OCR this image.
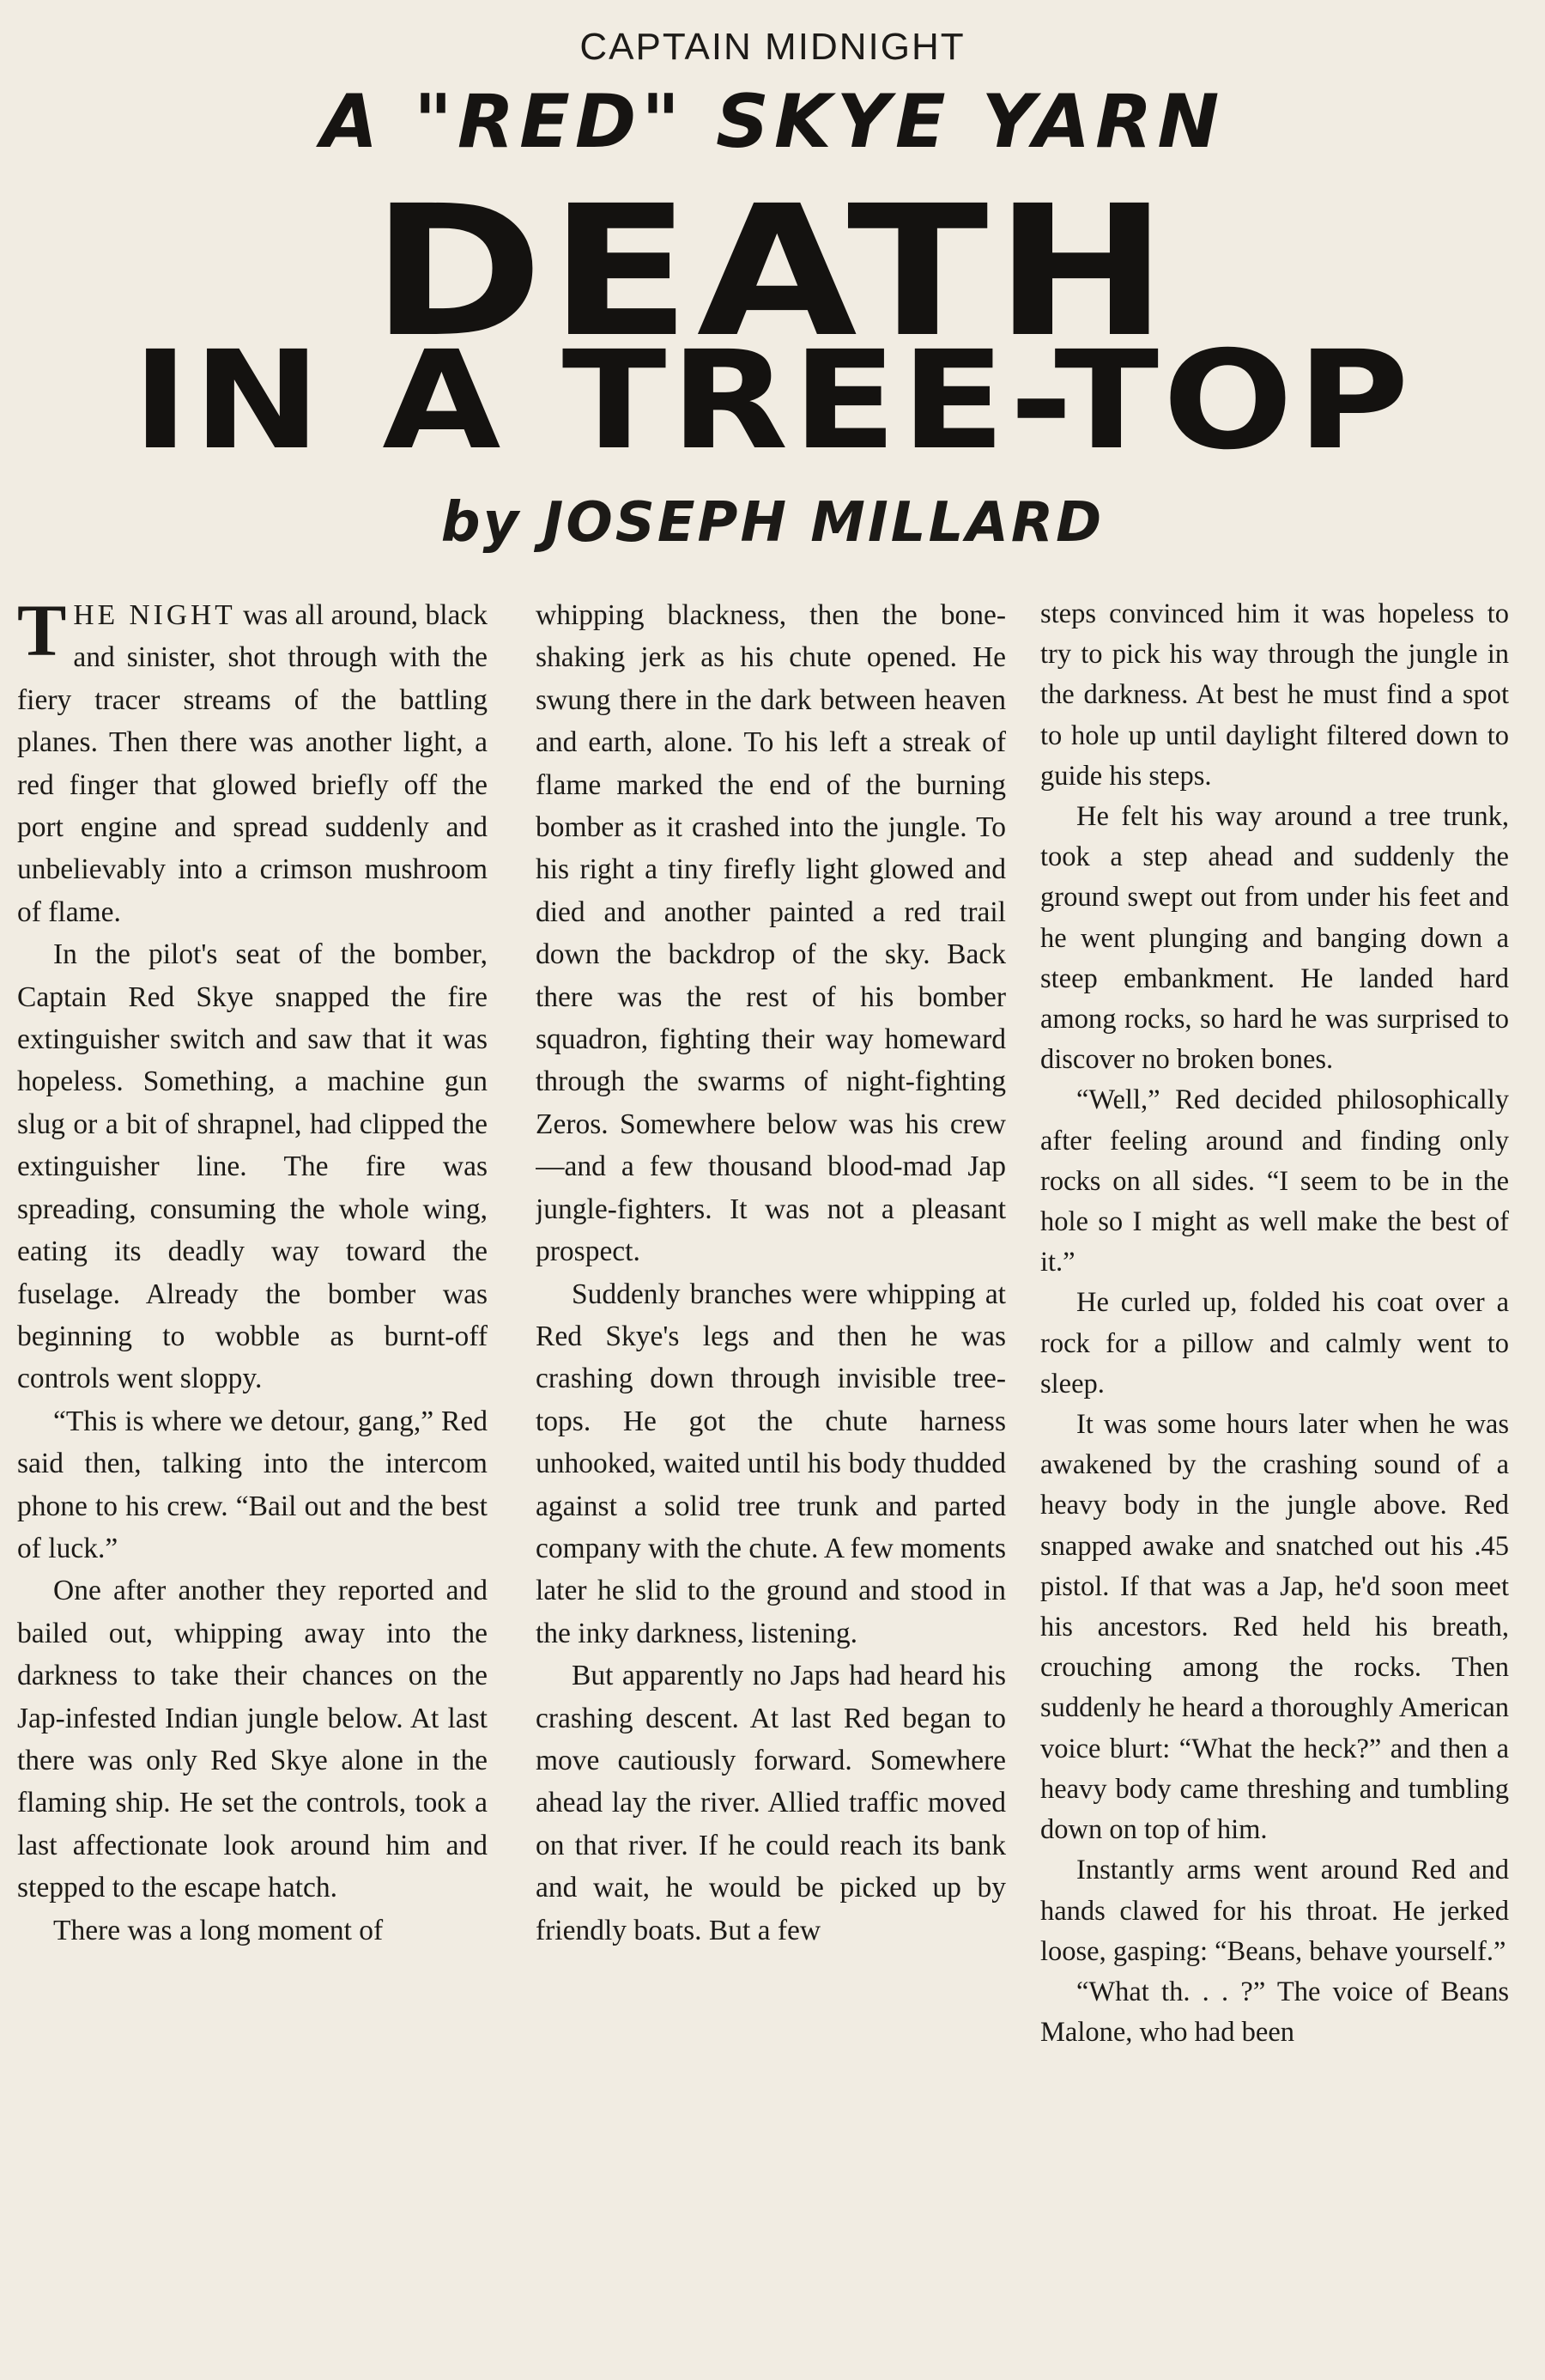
CAPTAIN MIDNIGHT
A "RED" SKYE YARN
DEATH
IN A TREE-TOP
by JOSEPH MILLARD

THE NIGHT was all around, black and sinister, shot through with the fiery tracer streams of the battling planes. Then there was another light, a red finger that glowed briefly off the port engine and spread suddenly and unbelievably into a crimson mushroom of flame.

In the pilot's seat of the bomber, Captain Red Skye snapped the fire extinguisher switch and saw that it was hopeless. Something, a machine gun slug or a bit of shrapnel, had clipped the extinguisher line. The fire was spreading, consuming the whole wing, eating its deadly way toward the fuselage. Already the bomber was beginning to wobble as burnt-off controls went sloppy.

“This is where we detour, gang,” Red said then, talking into the intercom phone to his crew. “Bail out and the best of luck.”

One after another they reported and bailed out, whipping away into the darkness to take their chances on the Jap-infested Indian jungle below. At last there was only Red Skye alone in the flaming ship. He set the controls, took a last affectionate look around him and stepped to the escape hatch.

There was a long moment of

whipping blackness, then the bone-shaking jerk as his chute opened. He swung there in the dark between heaven and earth, alone. To his left a streak of flame marked the end of the burning bomber as it crashed into the jungle. To his right a tiny firefly light glowed and died and another painted a red trail down the backdrop of the sky. Back there was the rest of his bomber squadron, fighting their way homeward through the swarms of night-fighting Zeros. Somewhere below was his crew—and a few thousand blood-mad Jap jungle-fighters. It was not a pleasant prospect.

Suddenly branches were whipping at Red Skye's legs and then he was crashing down through invisible tree-tops. He got the chute harness unhooked, waited until his body thudded against a solid tree trunk and parted company with the chute. A few moments later he slid to the ground and stood in the inky darkness, listening.

But apparently no Japs had heard his crashing descent. At last Red began to move cautiously forward. Somewhere ahead lay the river. Allied traffic moved on that river. If he could reach its bank and wait, he would be picked up by friendly boats. But a few

steps convinced him it was hopeless to try to pick his way through the jungle in the darkness. At best he must find a spot to hole up until daylight filtered down to guide his steps.

He felt his way around a tree trunk, took a step ahead and suddenly the ground swept out from under his feet and he went plunging and banging down a steep embankment. He landed hard among rocks, so hard he was surprised to discover no broken bones.

“Well,” Red decided philosophically after feeling around and finding only rocks on all sides. “I seem to be in the hole so I might as well make the best of it.”

He curled up, folded his coat over a rock for a pillow and calmly went to sleep.

It was some hours later when he was awakened by the crashing sound of a heavy body in the jungle above. Red snapped awake and snatched out his .45 pistol. If that was a Jap, he'd soon meet his ancestors. Red held his breath, crouching among the rocks. Then suddenly he heard a thoroughly American voice blurt: “What the heck?” and then a heavy body came threshing and tumbling down on top of him.

Instantly arms went around Red and hands clawed for his throat. He jerked loose, gasping: “Beans, behave yourself.”

“What th. . . ?” The voice of Beans Malone, who had been
